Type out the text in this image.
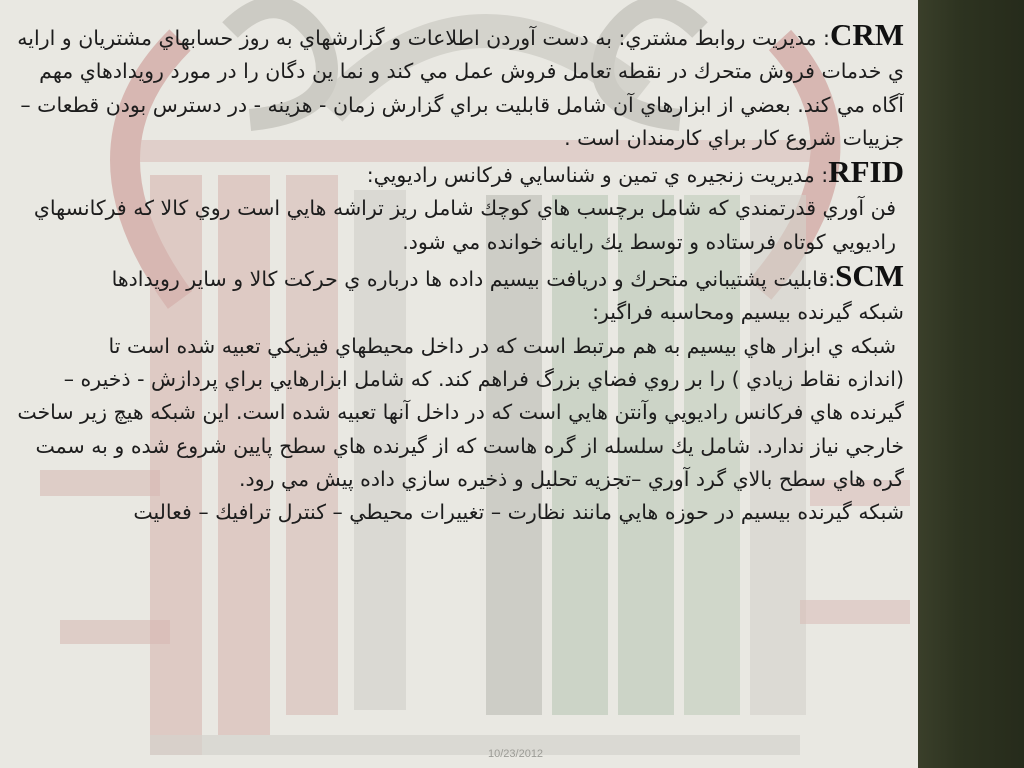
CRM: مديريت روابط مشتري: به دست آوردن اطلاعات و گزارشهاي به روز حسابهاي مشتريان و ارايه ي خدمات فروش متحرك در نقطه تعامل فروش عمل مي كند و نما ين دگان را در مورد رويدادهاي مهم آگاه مي كند. بعضي از ابزارهاي آن شامل قابليت براي گزارش زمان - هزينه - در دسترس بودن قطعات – جزييات شروع كار براي كارمندان است .

RFID: مديريت زنجيره ي تمين و شناسايي فركانس راديويي:

فن آوري قدرتمندي كه شامل برچسب هاي كوچك شامل ريز تراشه هايي است روي كالا كه فركانسهاي راديويي كوتاه فرستاده و توسط يك رايانه خوانده مي شود.

SCM:قابليت پشتيباني متحرك و دريافت بيسيم داده ها درباره ي حركت كالا و ساير رويدادها

شبكه گيرنده بيسيم ومحاسبه فراگير:

شبكه ي ابزار هاي بيسيم به هم مرتبط است كه در داخل محيطهاي فيزيكي تعبيه شده است تا

(اندازه نقاط زيادي ) را بر روي فضاي بزرگ فراهم كند. كه شامل ابزارهايي براي پردازش - ذخيره – گيرنده هاي فركانس راديويي وآنتن هايي است كه در داخل آنها تعبيه شده است. اين شبكه هيچ زير ساخت خارجي نياز ندارد. شامل يك سلسله از گره هاست كه از گيرنده هاي سطح پايين شروع شده و به سمت گره هاي سطح بالاي گرد آوري –تجزيه تحليل و ذخيره سازي داده پيش مي رود.

شبكه گيرنده بيسيم در حوزه هايي مانند نظارت – تغييرات محيطي – كنترل ترافيك – فعاليت

10/23/2012
